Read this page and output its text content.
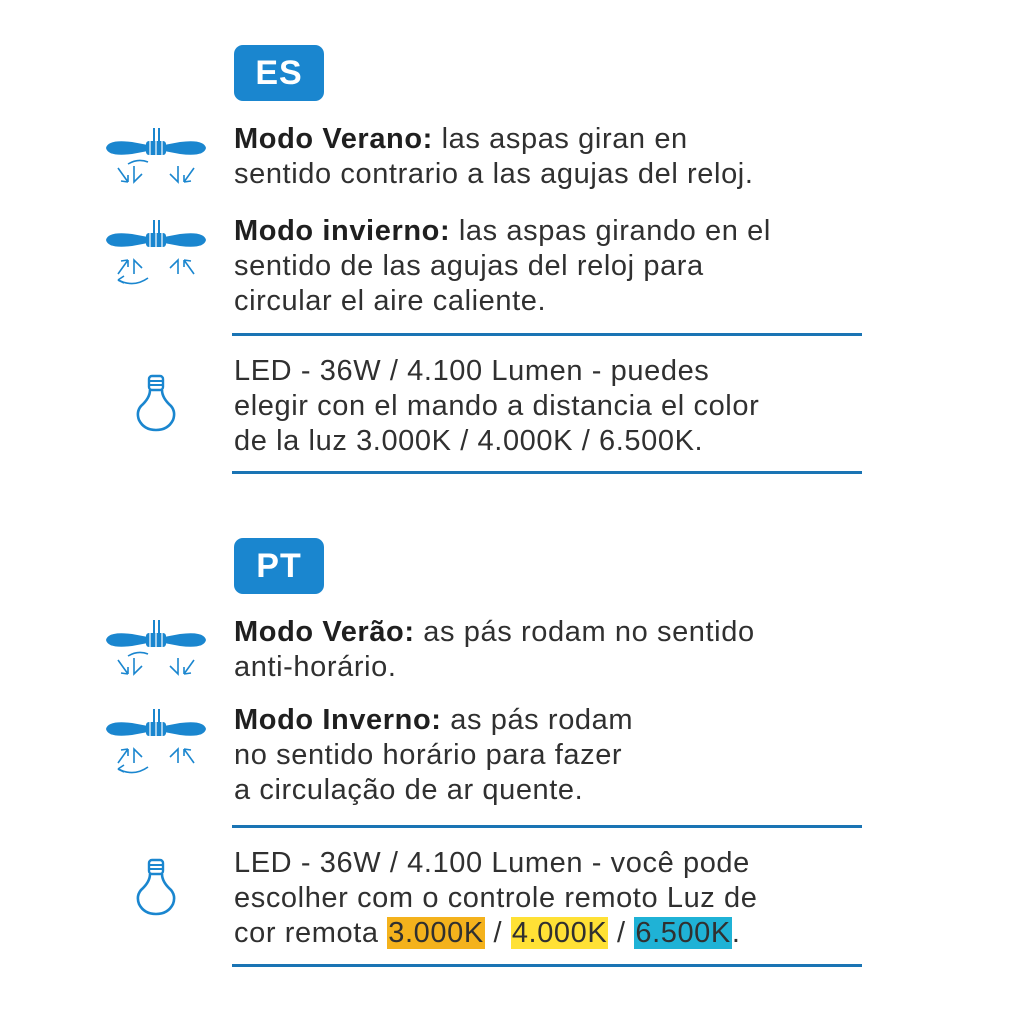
ES
Modo Verano: las aspas giran en
sentido contrario a las agujas del reloj.
Modo invierno: las aspas girando en el
sentido de las agujas del reloj para
circular el aire caliente.
LED - 36W / 4.100 Lumen - puedes
elegir con el mando a distancia el color
de la luz 3.000K / 4.000K / 6.500K.
PT
Modo Verão: as pás rodam no sentido
anti-horário.
Modo Inverno: as pás rodam
no sentido horário para fazer
a circulação de ar quente.
LED - 36W / 4.100 Lumen - você pode
escolher com o controle remoto Luz de
cor remota 3.000K / 4.000K / 6.500K.
